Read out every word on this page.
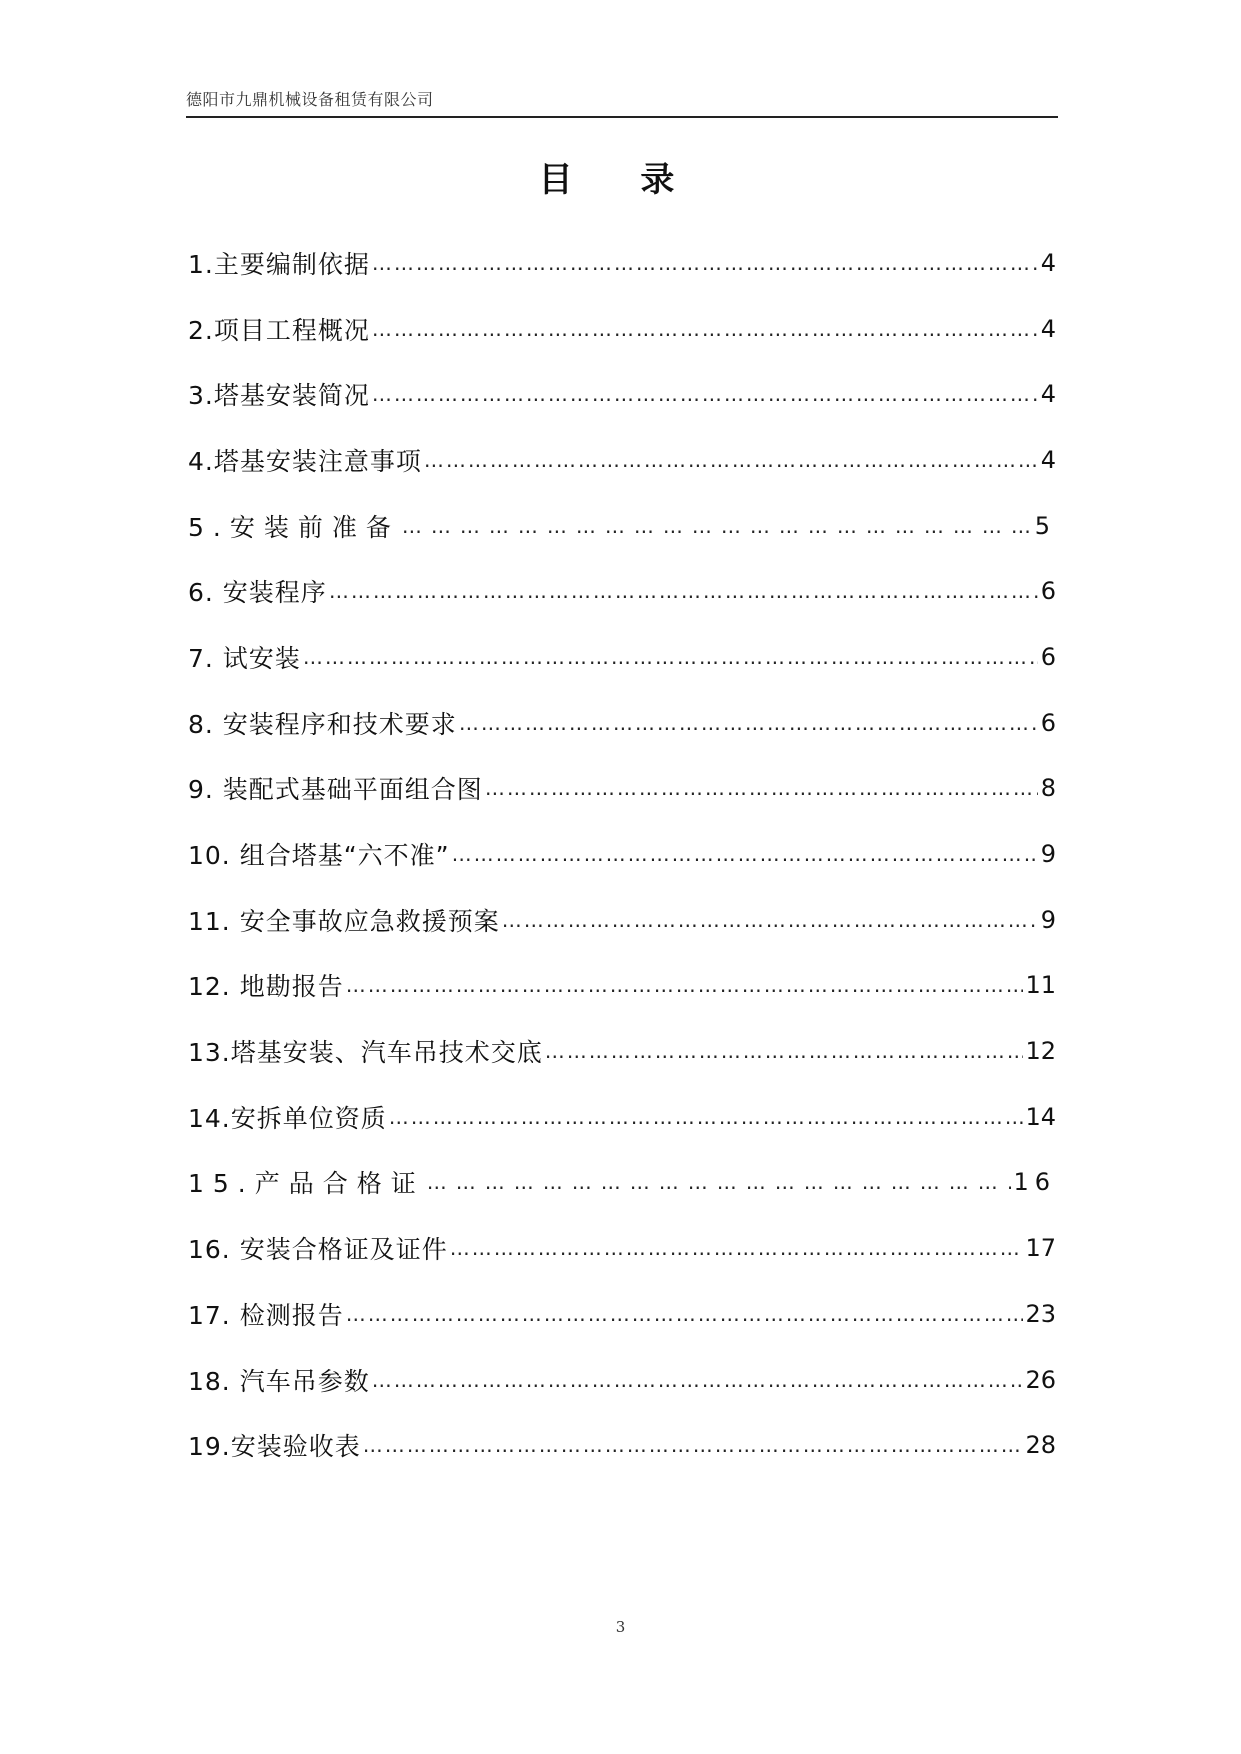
德阳市九鼎机械设备租赁有限公司
目 录
1.主要编制依据 ………………………………………………………………………………………………………………………………………………………………	4
2.项目工程概况 ………………………………………………………………………………………………………………………………………………………………	4
3.塔基安装简况 ………………………………………………………………………………………………………………………………………………………………	4
4.塔基安装注意事项 ………………………………………………………………………………………………………………………………………………………………	4
5.安装前准备 ………………………………………………………………………………………………………………………………………………………………	5
6. 安装程序 ………………………………………………………………………………………………………………………………………………………………	6
7. 试安装 ………………………………………………………………………………………………………………………………………………………………	6
8. 安装程序和技术要求 ………………………………………………………………………………………………………………………………………………………………	6
9. 装配式基础平面组合图 ………………………………………………………………………………………………………………………………………………………………	8
10. 组合塔基“六不准” ………………………………………………………………………………………………………………………………………………………………	9
11. 安全事故应急救援预案 ………………………………………………………………………………………………………………………………………………………………	9
12. 地勘报告 ………………………………………………………………………………………………………………………………………………………………	11
13.塔基安装、汽车吊技术交底 ………………………………………………………………………………………………………………………………………………………………	12
14.安拆单位资质 ………………………………………………………………………………………………………………………………………………………………	14
15.产品合格证 ………………………………………………………………………………………………………………………………………………………………	16
16. 安装合格证及证件 ………………………………………………………………………………………………………………………………………………………………	17
17. 检测报告 ………………………………………………………………………………………………………………………………………………………………	23
18. 汽车吊参数 ………………………………………………………………………………………………………………………………………………………………	26
19.安装验收表 ………………………………………………………………………………………………………………………………………………………………	28
3
